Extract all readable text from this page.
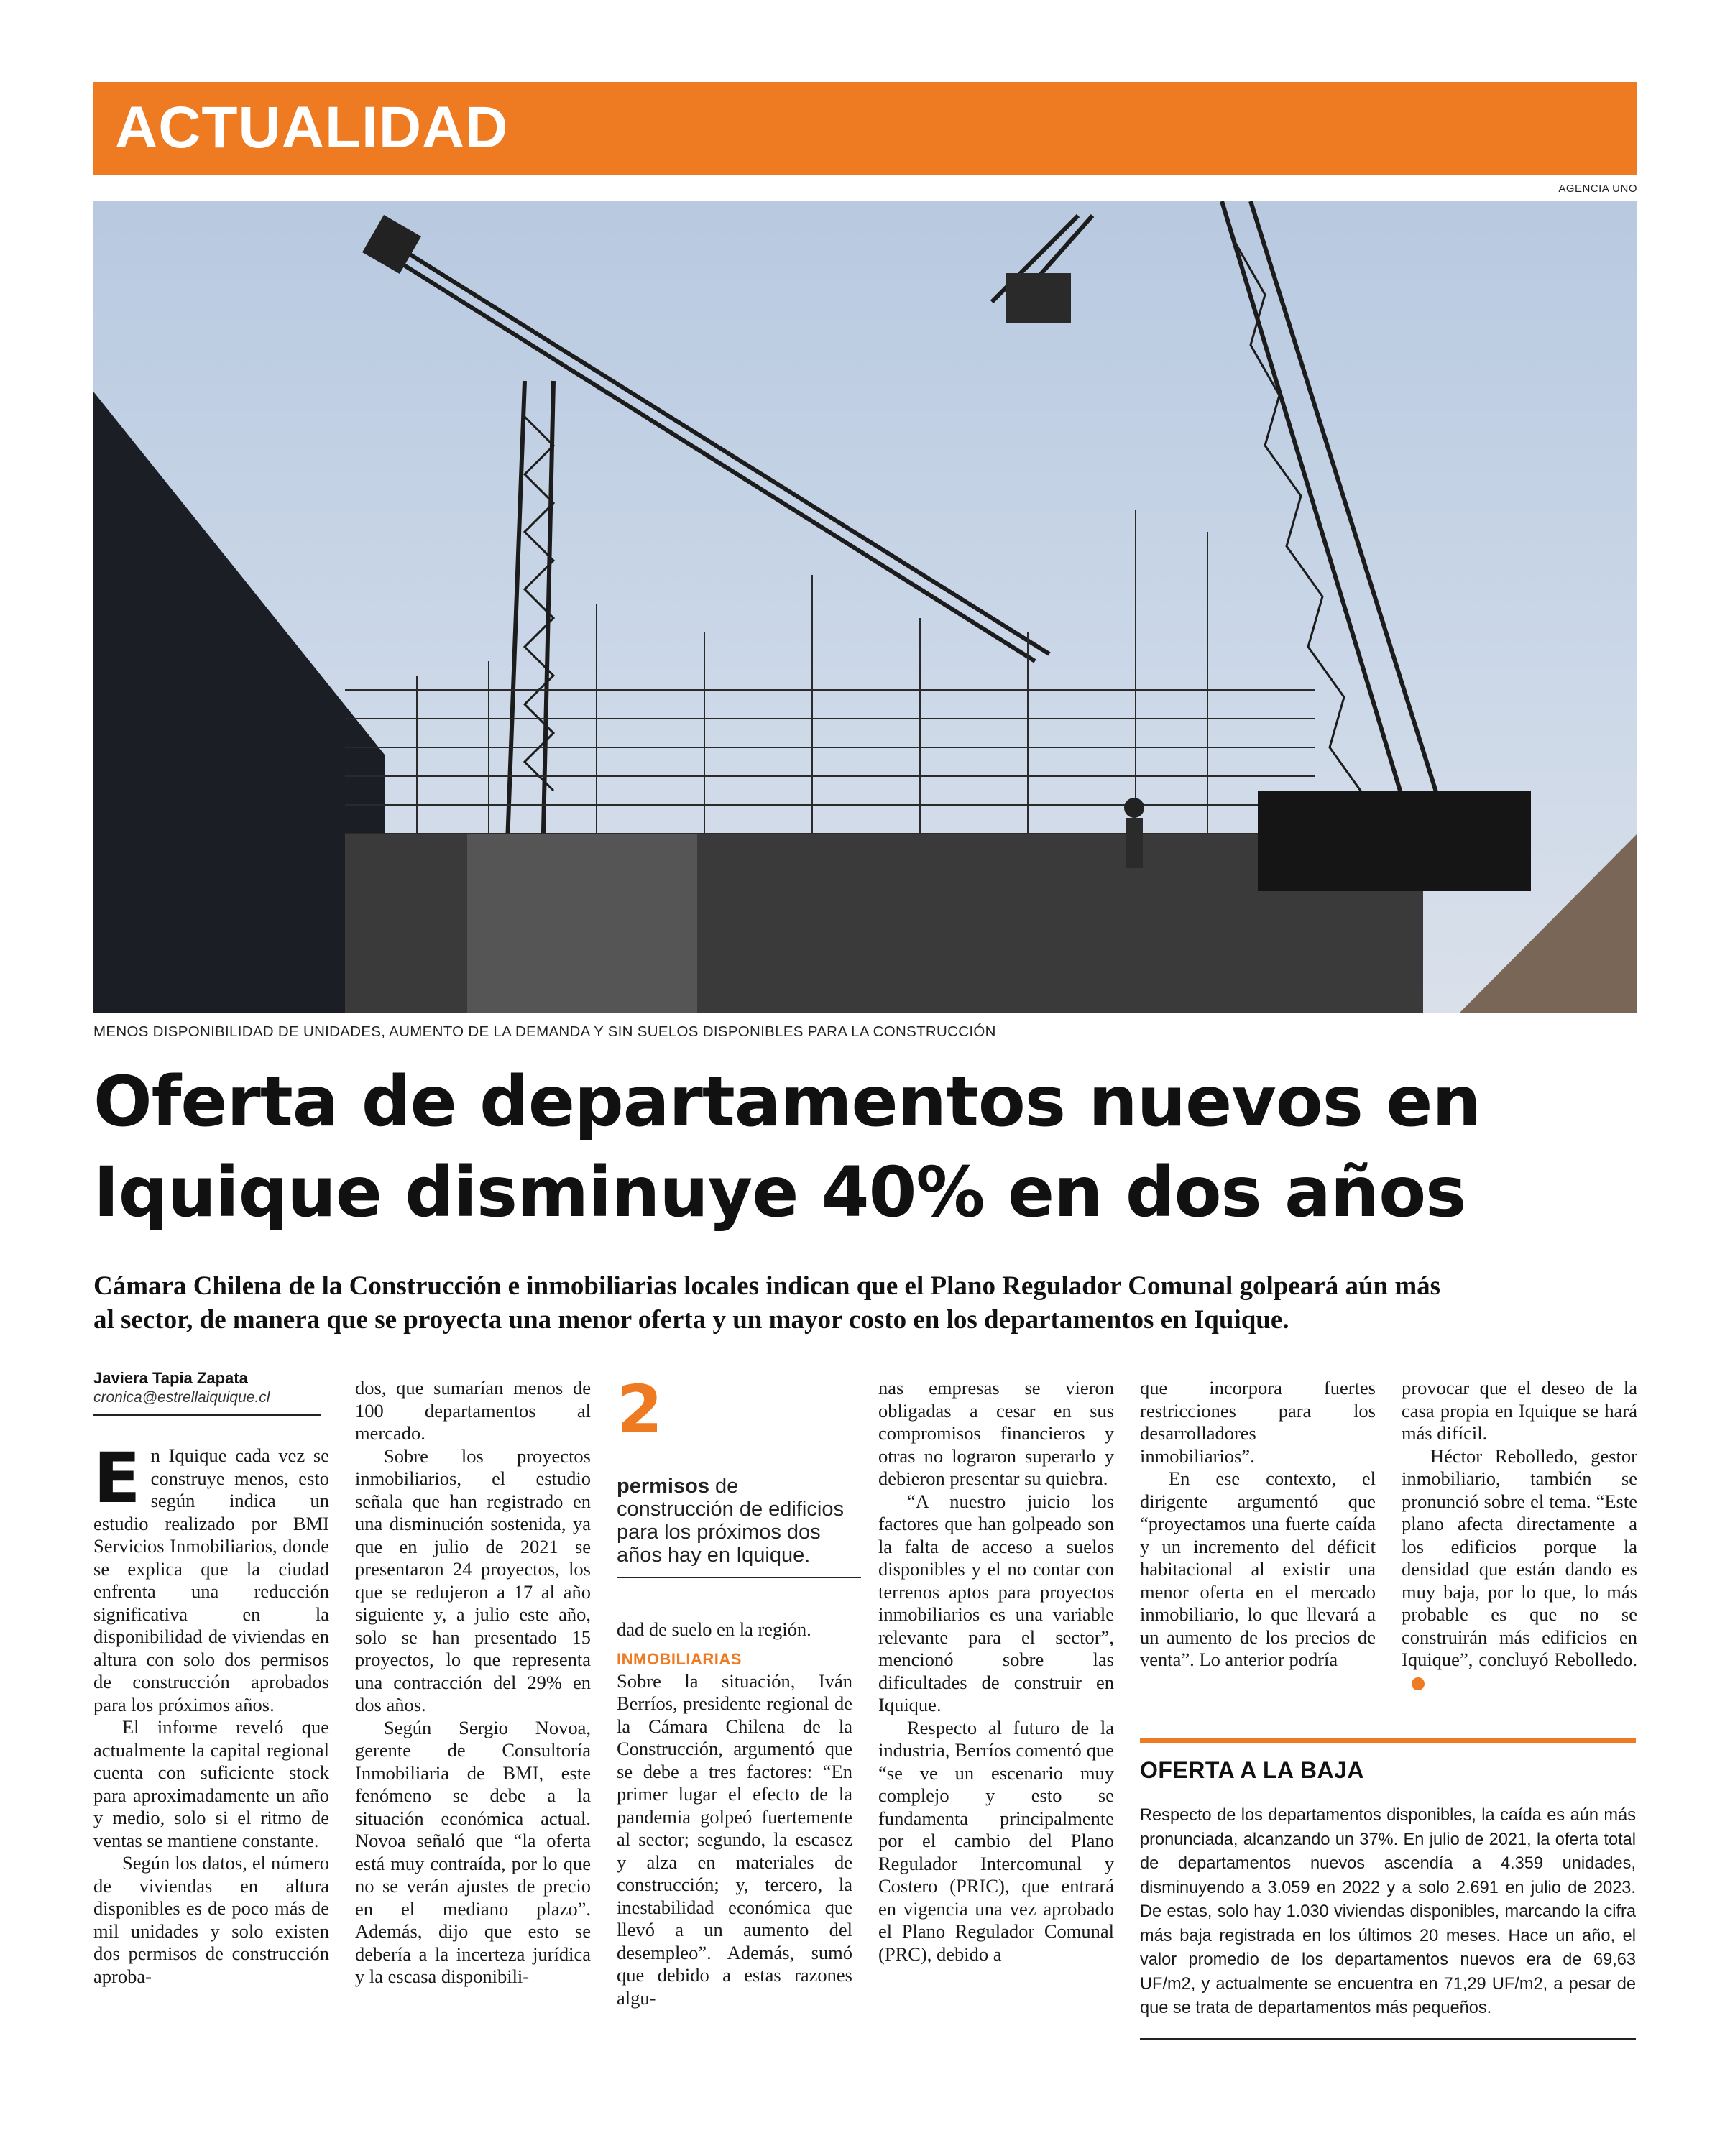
ACTUALIDAD
AGENCIA UNO
MENOS DISPONIBILIDAD DE UNIDADES, AUMENTO DE LA DEMANDA Y SIN SUELOS DISPONIBLES PARA LA CONSTRUCCIÓN
Oferta de departamentos nuevos en
Iquique disminuye 40% en dos años
Cámara Chilena de la Construcción e inmobiliarias locales indican que el Plano Regulador Comunal golpeará aún más
al sector, de manera que se proyecta una menor oferta y un mayor costo en los departamentos en Iquique.
Javiera Tapia Zapata
cronica@estrellaiquique.cl

En Iquique cada vez se construye menos, esto según indica un estudio realizado por BMI Servicios Inmobiliarios, donde se explica que la ciudad enfrenta una reducción significativa en la disponibilidad de viviendas en altura con solo dos permisos de construcción aprobados para los próximos años.

El informe reveló que actualmente la capital regional cuenta con suficiente stock para aproximadamente un año y medio, solo si el ritmo de ventas se mantiene constante.

Según los datos, el número de viviendas en altura disponibles es de poco más de mil unidades y solo existen dos permisos de construcción aproba-

dos, que sumarían menos de 100 departamentos al mercado.

Sobre los proyectos inmobiliarios, el estudio señala que han registrado en una disminución sostenida, ya que en julio de 2021 se presentaron 24 proyectos, los que se redujeron a 17 al año siguiente y, a julio este año, solo se han presentado 15 proyectos, lo que representa una contracción del 29% en dos años.

Según Sergio Novoa, gerente de Consultoría Inmobiliaria de BMI, este fenómeno se debe a la situación económica actual. Novoa señaló que “la oferta está muy contraída, por lo que no se verán ajustes de precio en el mediano plazo”. Además, dijo que esto se debería a la incerteza jurídica y la escasa disponibili-

2
permisos de construcción de edificios para los próximos dos años hay en Iquique.

dad de suelo en la región.

INMOBILIARIAS

Sobre la situación, Iván Berríos, presidente regional de la Cámara Chilena de la Construcción, argumentó que se debe a tres factores: “En primer lugar el efecto de la pandemia golpeó fuertemente al sector; segundo, la escasez y alza en materiales de construcción; y, tercero, la inestabilidad económica que llevó a un aumento del desempleo”. Además, sumó que debido a estas razones algu-

nas empresas se vieron obligadas a cesar en sus compromisos financieros y otras no lograron superarlo y debieron presentar su quiebra.

“A nuestro juicio los factores que han golpeado son la falta de acceso a suelos disponibles y el no contar con terrenos aptos para proyectos inmobiliarios es una variable relevante para el sector”, mencionó sobre las dificultades de construir en Iquique.

Respecto al futuro de la industria, Berríos comentó que “se ve un escenario muy complejo y esto se fundamenta principalmente por el cambio del Plano Regulador Intercomunal y Costero (PRIC), que entrará en vigencia una vez aprobado el Plano Regulador Comunal (PRC), debido a

que incorpora fuertes restricciones para los desarrolladores inmobiliarios”.

En ese contexto, el dirigente argumentó que “proyectamos una fuerte caída y un incremento del déficit habitacional al existir una menor oferta en el mercado inmobiliario, lo que llevará a un aumento de los precios de venta”. Lo anterior podría

provocar que el deseo de la casa propia en Iquique se hará más difícil.

Héctor Rebolledo, gestor inmobiliario, también se pronunció sobre el tema. “Este plano afecta directamente a los edificios porque la densidad que están dando es muy baja, por lo que, lo más probable es que no se construirán más edificios en Iquique”, concluyó Rebolledo.

OFERTA A LA BAJA
Respecto de los departamentos disponibles, la caída es aún más pronunciada, alcanzando un 37%. En julio de 2021, la oferta total de departamentos nuevos ascendía a 4.359 unidades, disminuyendo a 3.059 en 2022 y a solo 2.691 en julio de 2023. De estas, solo hay 1.030 viviendas disponibles, marcando la cifra más baja registrada en los últimos 20 meses. Hace un año, el valor promedio de los departamentos nuevos era de 69,63 UF/m2, y actualmente se encuentra en 71,29 UF/m2, a pesar de que se trata de departamentos más pequeños.
